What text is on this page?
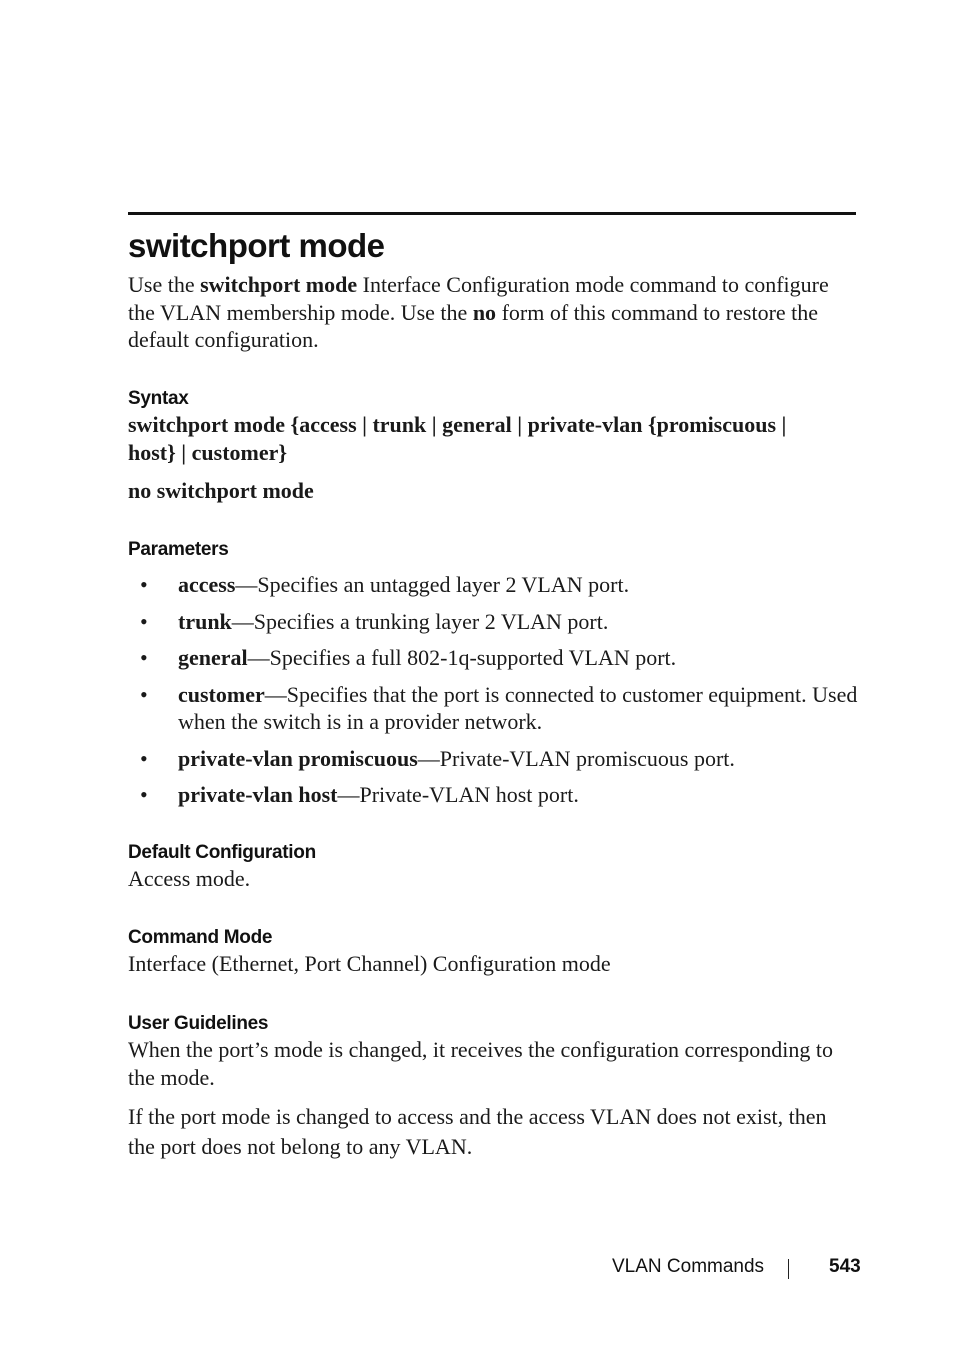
switchport mode

Use the switchport mode Interface Configuration mode command to configure the VLAN membership mode. Use the no form of this command to restore the default configuration.

Syntax

switchport mode {access | trunk | general | private-vlan {promiscuous | host} | customer}

no switchport mode

Parameters
• access—Specifies an untagged layer 2 VLAN port.
• trunk—Specifies a trunking layer 2 VLAN port.
• general—Specifies a full 802-1q-supported VLAN port.
• customer—Specifies that the port is connected to customer equipment. Used when the switch is in a provider network.
• private-vlan promiscuous—Private-VLAN promiscuous port.
• private-vlan host—Private-VLAN host port.
Default Configuration

Access mode.

Command Mode

Interface (Ethernet, Port Channel) Configuration mode

User Guidelines

When the port’s mode is changed, it receives the configuration corresponding to the mode.

If the port mode is changed to access and the access VLAN does not exist, then the port does not belong to any VLAN.

VLAN Commands	543
